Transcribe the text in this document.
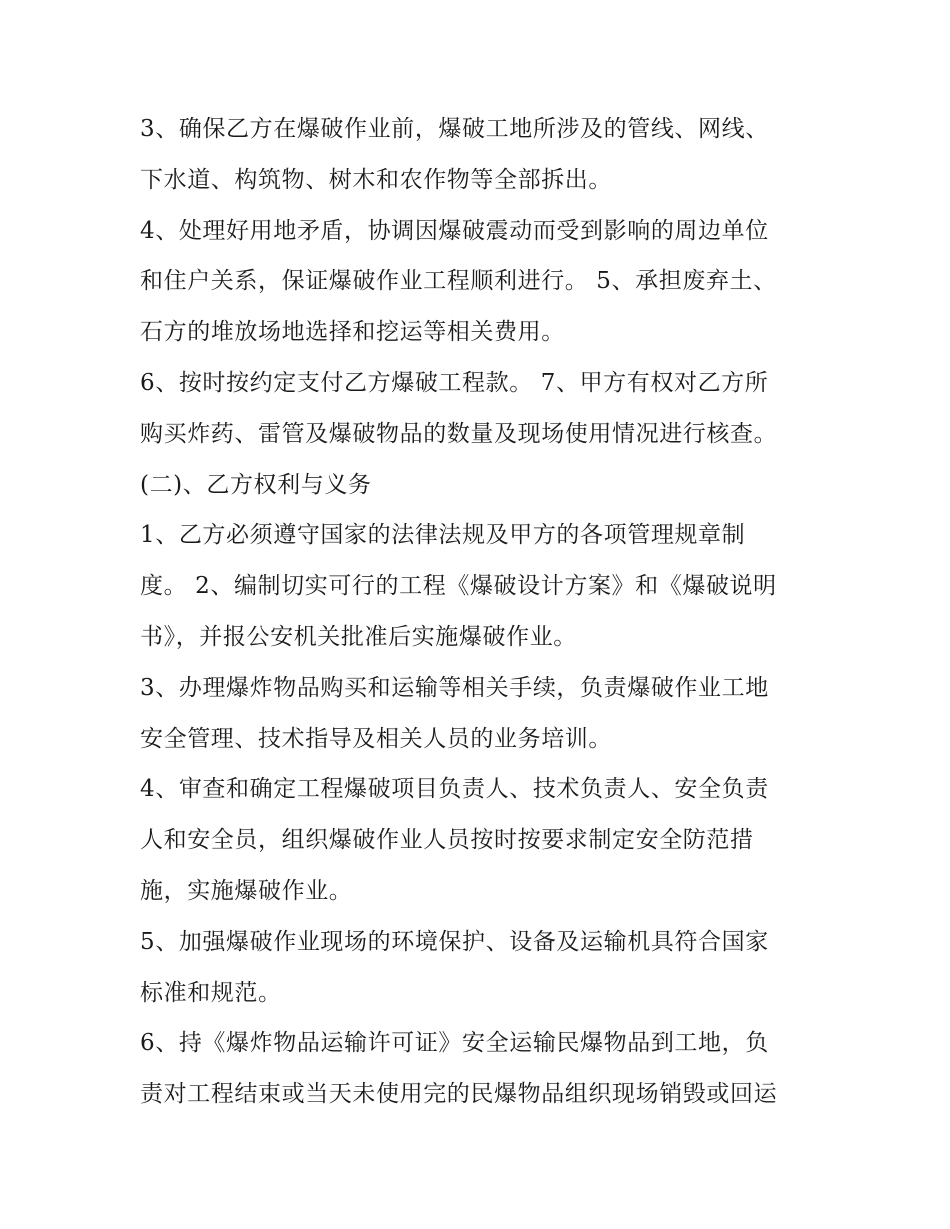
3、确保乙方在爆破作业前，爆破工地所涉及的管线、网线、
下水道、构筑物、树木和农作物等全部拆出。
4、处理好用地矛盾，协调因爆破震动而受到影响的周边单位
和住户关系，保证爆破作业工程顺利进行。 5、承担废弃土、
石方的堆放场地选择和挖运等相关费用。
6、按时按约定支付乙方爆破工程款。 7、甲方有权对乙方所
购买炸药、雷管及爆破物品的数量及现场使用情况进行核查。
(二)、乙方权利与义务
1、乙方必须遵守国家的法律法规及甲方的各项管理规章制
度。 2、编制切实可行的工程《爆破设计方案》和《爆破说明
书》，并报公安机关批准后实施爆破作业。
3、办理爆炸物品购买和运输等相关手续，负责爆破作业工地
安全管理、技术指导及相关人员的业务培训。
4、审查和确定工程爆破项目负责人、技术负责人、安全负责
人和安全员，组织爆破作业人员按时按要求制定安全防范措
施，实施爆破作业。
5、加强爆破作业现场的环境保护、设备及运输机具符合国家
标准和规范。
6、持《爆炸物品运输许可证》安全运输民爆物品到工地，负
责对工程结束或当天未使用完的民爆物品组织现场销毁或回运
